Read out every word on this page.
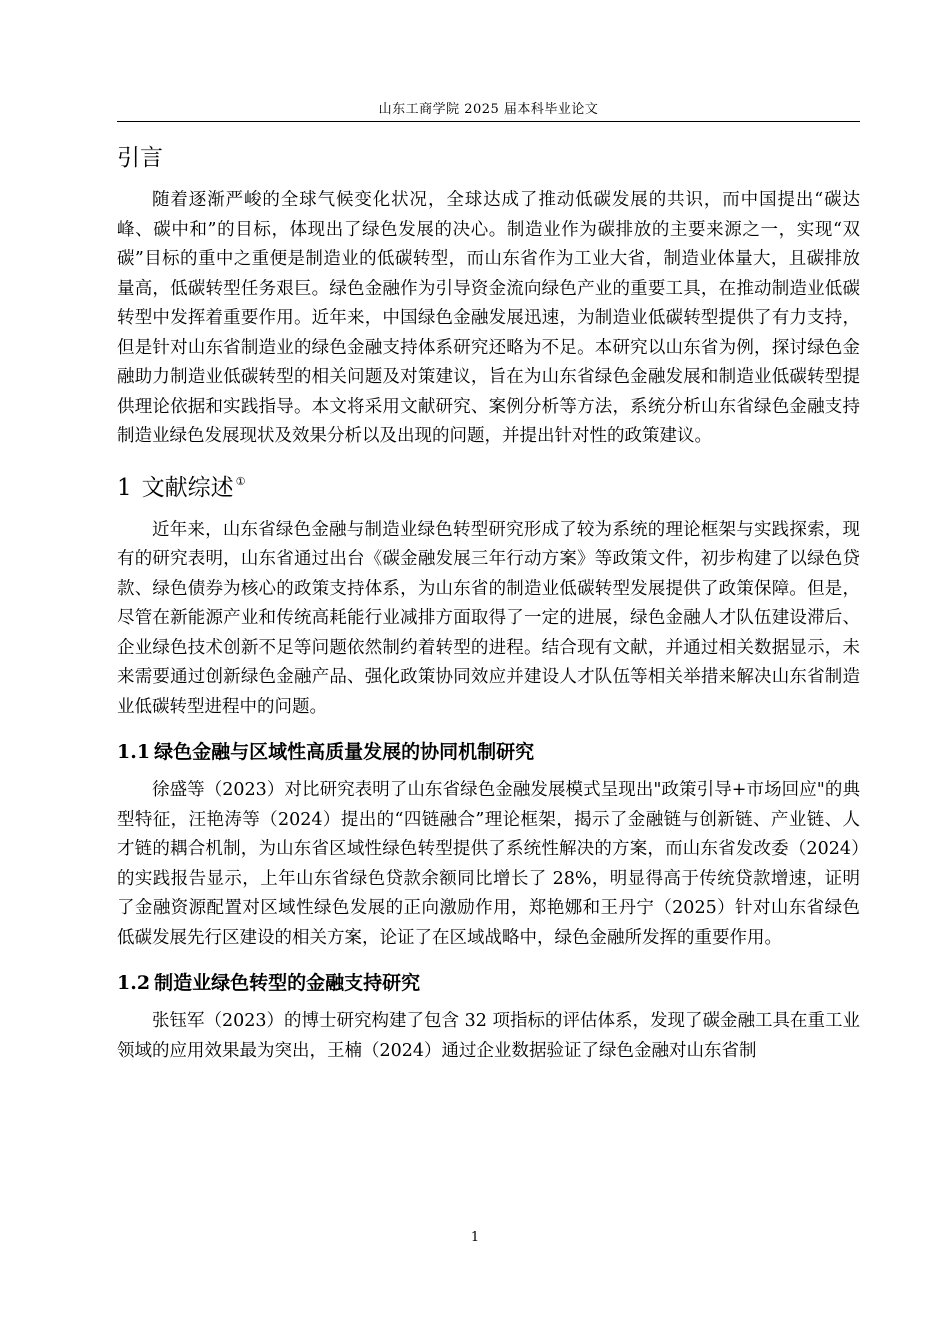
山东工商学院 2025 届本科毕业论文
引言

随着逐渐严峻的全球气候变化状况，全球达成了推动低碳发展的共识，而中国提出“碳达峰、碳中和”的目标，体现出了绿色发展的决心。制造业作为碳排放的主要来源之一，实现“双碳”目标的重中之重便是制造业的低碳转型，而山东省作为工业大省，制造业体量大，且碳排放量高，低碳转型任务艰巨。绿色金融作为引导资金流向绿色产业的重要工具，在推动制造业低碳转型中发挥着重要作用。近年来，中国绿色金融发展迅速，为制造业低碳转型提供了有力支持，但是针对山东省制造业的绿色金融支持体系研究还略为不足。本研究以山东省为例，探讨绿色金融助力制造业低碳转型的相关问题及对策建议，旨在为山东省绿色金融发展和制造业低碳转型提供理论依据和实践指导。本文将采用文献研究、案例分析等方法，系统分析山东省绿色金融支持制造业绿色发展现状及效果分析以及出现的问题，并提出针对性的政策建议。

1 文献综述 ①

近年来，山东省绿色金融与制造业绿色转型研究形成了较为系统的理论框架与实践探索，现有的研究表明，山东省通过出台《碳金融发展三年行动方案》等政策文件，初步构建了以绿色贷款、绿色债券为核心的政策支持体系，为山东省的制造业低碳转型发展提供了政策保障。但是，尽管在新能源产业和传统高耗能行业减排方面取得了一定的进展，绿色金融人才队伍建设滞后、企业绿色技术创新不足等问题依然制约着转型的进程。结合现有文献，并通过相关数据显示，未来需要通过创新绿色金融产品、强化政策协同效应并建设人才队伍等相关举措来解决山东省制造业低碳转型进程中的问题。

1.1 绿色金融与区域性高质量发展的协同机制研究

徐盛等（2023）对比研究表明了山东省绿色金融发展模式呈现出"政策引导+市场回应"的典型特征，汪艳涛等（2024）提出的“四链融合”理论框架，揭示了金融链与创新链、产业链、人才链的耦合机制，为山东省区域性绿色转型提供了系统性解决的方案，而山东省发改委（2024）的实践报告显示，上年山东省绿色贷款余额同比增长了 28%，明显得高于传统贷款增速，证明了金融资源配置对区域性绿色发展的正向激励作用，郑艳娜和王丹宁（2025）针对山东省绿色低碳发展先行区建设的相关方案，论证了在区域战略中，绿色金融所发挥的重要作用。

1.2 制造业绿色转型的金融支持研究

张钰军（2023）的博士研究构建了包含 32 项指标的评估体系，发现了碳金融工具在重工业领域的应用效果最为突出，王楠（2024）通过企业数据验证了绿色金融对山东省制

1
